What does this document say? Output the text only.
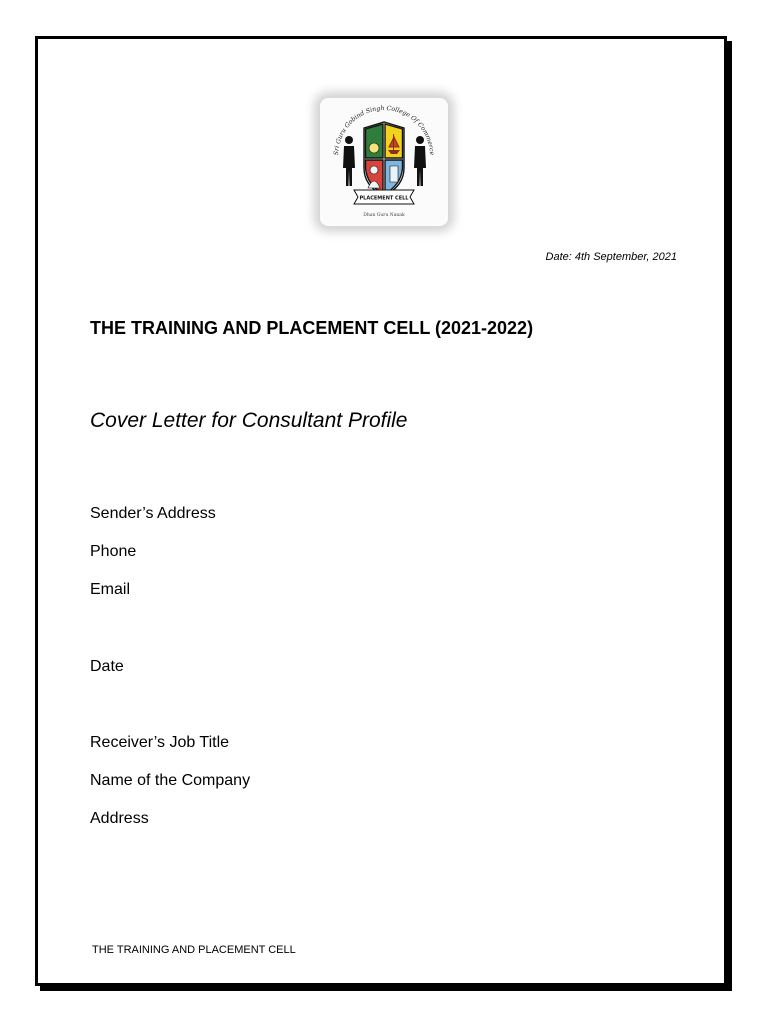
Sri Guru Gobind Singh College Of Commerce
PLACEMENT CELL
Dhan Guru Nanak
Date: 4th September, 2021
THE TRAINING AND PLACEMENT CELL (2021-2022)
Cover Letter for Consultant Profile
Sender’s Address
Phone
Email
Date
Receiver’s Job Title
Name of the Company
Address
THE TRAINING AND PLACEMENT CELL
